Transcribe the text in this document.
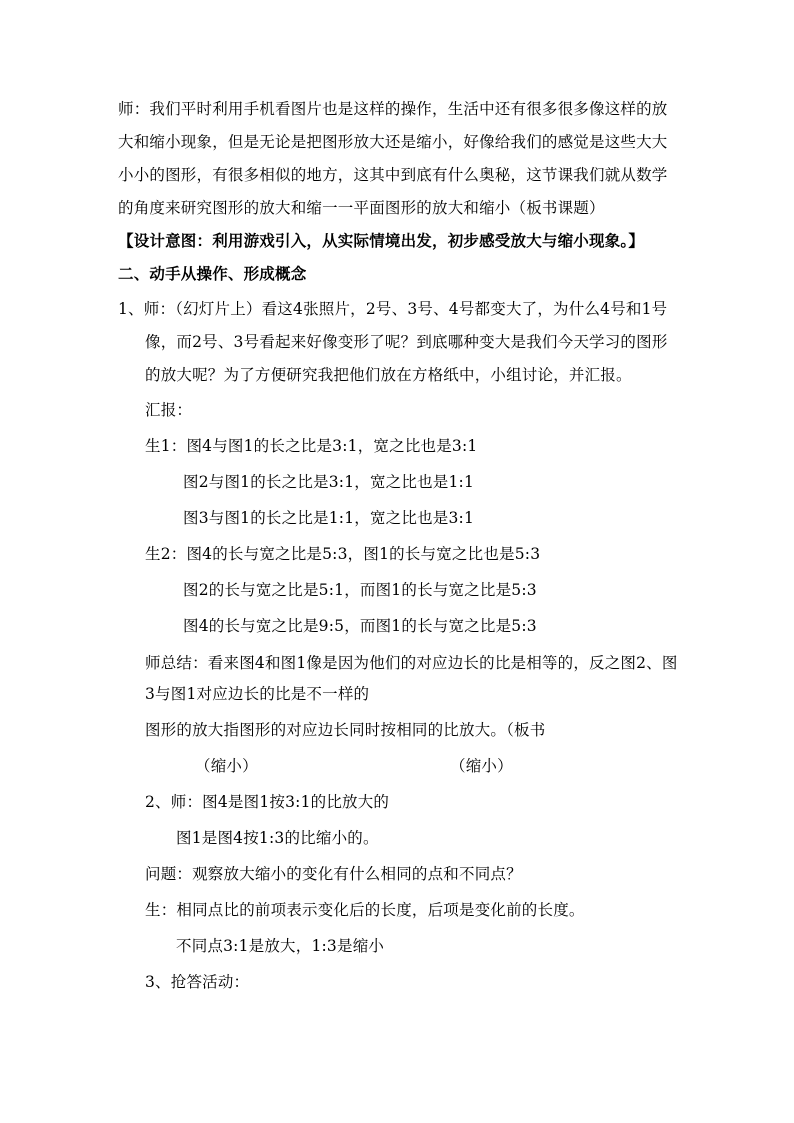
师：我们平时利用手机看图片也是这样的操作，生活中还有很多很多像这样的放
大和缩小现象，但是无论是把图形放大还是缩小，好像给我们的感觉是这些大大
小小的图形，有很多相似的地方，这其中到底有什么奥秘，这节课我们就从数学
的角度来研究图形的放大和缩一一平面图形的放大和缩小（板书课题）
【设计意图：利用游戏引入，从实际情境出发，初步感受放大与缩小现象。】
二、动手从操作、形成概念
1、师：（幻灯片上）看这4张照片，2号、3号、4号都变大了，为什么4号和1号
像，而2号、3号看起来好像变形了呢？到底哪种变大是我们今天学习的图形
的放大呢？为了方便研究我把他们放在方格纸中，小组讨论，并汇报。
汇报：
生1：图4与图1的长之比是3:1，宽之比也是3:1
图2与图1的长之比是3:1，宽之比也是1:1
图3与图1的长之比是1:1，宽之比也是3:1
生2：图4的长与宽之比是5:3，图1的长与宽之比也是5:3
图2的长与宽之比是5:1，而图1的长与宽之比是5:3
图4的长与宽之比是9:5，而图1的长与宽之比是5:3
师总结：看来图4和图1像是因为他们的对应边长的比是相等的，反之图2、图
3与图1对应边长的比是不一样的
图形的放大指图形的对应边长同时按相同的比放大。（板书
（缩小）	（缩小）
2、师：图4是图1按3:1的比放大的
图1是图4按1:3的比缩小的。
问题：观察放大缩小的变化有什么相同的点和不同点？
生：相同点比的前项表示变化后的长度，后项是变化前的长度。
不同点3:1是放大，1:3是缩小
3、抢答活动：
